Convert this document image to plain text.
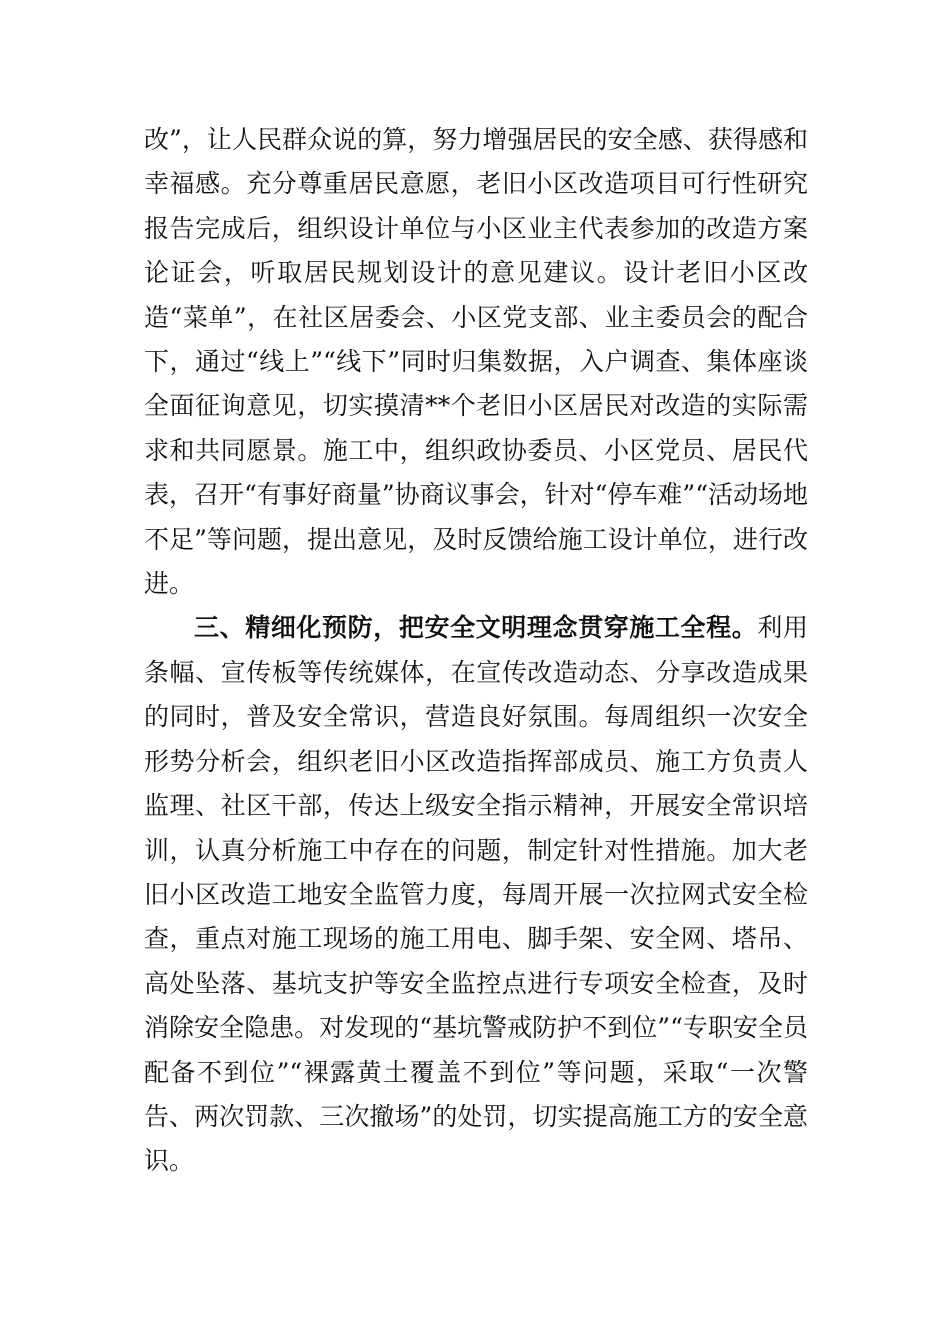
改”，让人民群众说的算，努力增强居民的安全感、获得感和幸福感。充分尊重居民意愿，老旧小区改造项目可行性研究报告完成后，组织设计单位与小区业主代表参加的改造方案论证会，听取居民规划设计的意见建议。设计老旧小区改造“菜单”，在社区居委会、小区党支部、业主委员会的配合下，通过“线上”“线下”同时归集数据，入户调查、集体座谈全面征询意见，切实摸清**个老旧小区居民对改造的实际需求和共同愿景。施工中，组织政协委员、小区党员、居民代表，召开“有事好商量”协商议事会，针对“停车难”“活动场地不足”等问题，提出意见，及时反馈给施工设计单位，进行改进。

三、精细化预防，把安全文明理念贯穿施工全程。利用条幅、宣传板等传统媒体，在宣传改造动态、分享改造成果的同时，普及安全常识，营造良好氛围。每周组织一次安全形势分析会，组织老旧小区改造指挥部成员、施工方负责人监理、社区干部，传达上级安全指示精神，开展安全常识培训，认真分析施工中存在的问题，制定针对性措施。加大老旧小区改造工地安全监管力度，每周开展一次拉网式安全检查，重点对施工现场的施工用电、脚手架、安全网、塔吊、高处坠落、基坑支护等安全监控点进行专项安全检查，及时消除安全隐患。对发现的“基坑警戒防护不到位”“专职安全员配备不到位”“裸露黄土覆盖不到位”等问题，采取“一次警告、两次罚款、三次撤场”的处罚，切实提高施工方的安全意识。
